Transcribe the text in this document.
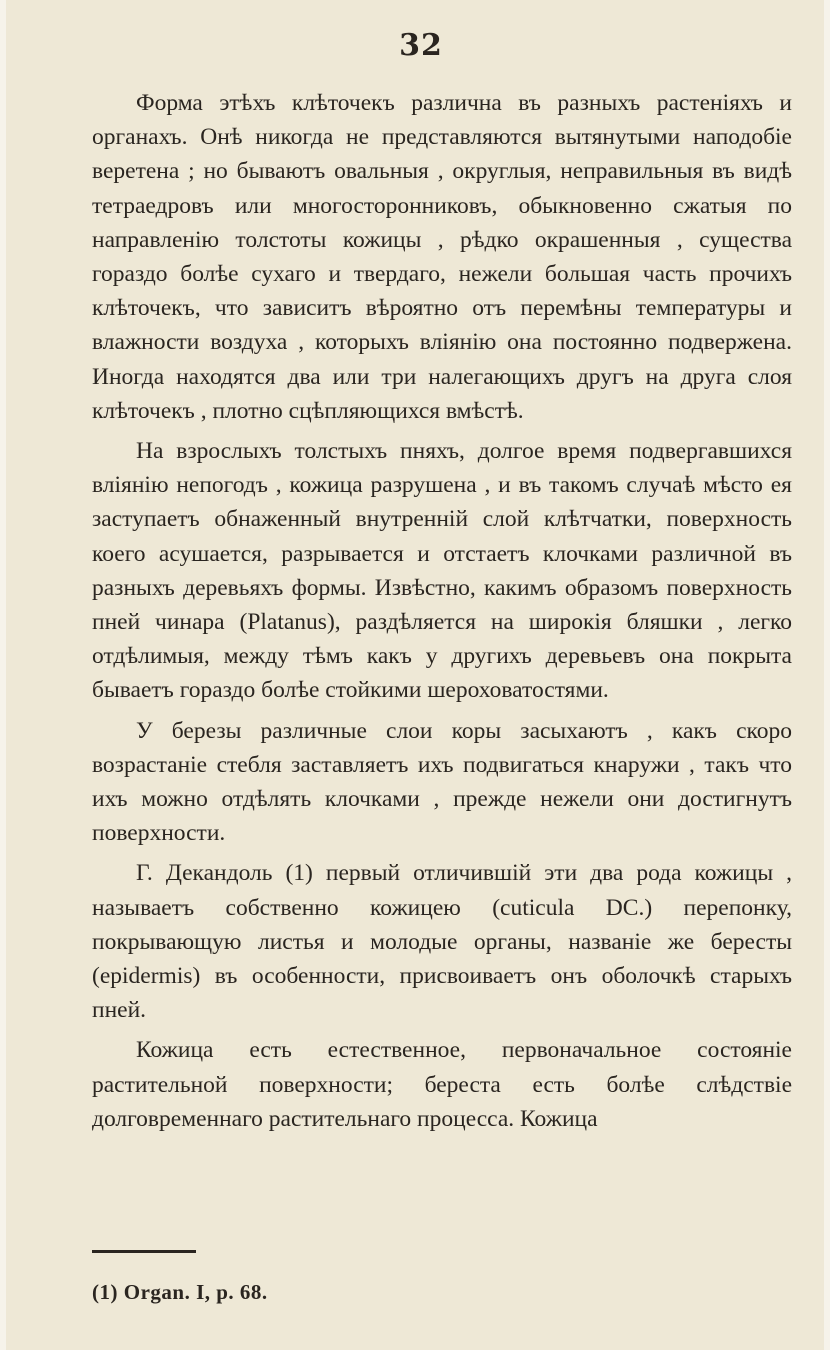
32

Форма этѣхъ клѣточекъ различна въ разныхъ растеніяхъ и органахъ. Онѣ никогда не представляются вытянутыми наподобіе веретена ; но бываютъ овальныя , округлыя, неправильныя въ видѣ тетраедровъ или многосторонниковъ, обыкновенно сжатыя по направленію толстоты кожицы , рѣдко окрашенныя , существа гораздо болѣе сухаго и твердаго, нежели большая часть прочихъ клѣточекъ, что зависитъ вѣроятно отъ перемѣны температуры и влажности воздуха , которыхъ вліянію она постоянно подвержена. Иногда находятся два или три налегающихъ другъ на друга слоя клѣточекъ , плотно сцѣпляющихся вмѣстѣ.

На взрослыхъ толстыхъ пняхъ, долгое время подвергавшихся вліянію непогодъ , кожица разрушена , и въ такомъ случаѣ мѣсто ея заступаетъ обнаженный внутренній слой клѣтчатки, поверхность коего асушается, разрывается и отстаетъ клочками различной въ разныхъ деревьяхъ формы. Извѣстно, какимъ образомъ поверхность пней чинара (Platanus), раздѣляется на широкія бляшки , легко отдѣлимыя, между тѣмъ какъ у другихъ деревьевъ она покрыта бываетъ гораздо болѣе стойкими шероховатостями.

У березы различные слои коры засыхаютъ , какъ скоро возрастаніе стебля заставляетъ ихъ подвигаться кнаружи , такъ что ихъ можно отдѣлять клочками , прежде нежели они достигнутъ поверхности.

Г. Декандоль (1) первый отличившій эти два рода кожицы , называетъ собственно кожицею (cuticula DC.) перепонку, покрывающую листья и молодые органы, названіе же бересты (epidermis) въ особенности, присвоиваетъ онъ оболочкѣ старыхъ пней.

Кожица есть естественное, первоначальное состояніе растительной поверхности; береста есть болѣе слѣдствіе долговременнаго растительнаго процесса. Кожица

(1) Organ. I, p. 68.
